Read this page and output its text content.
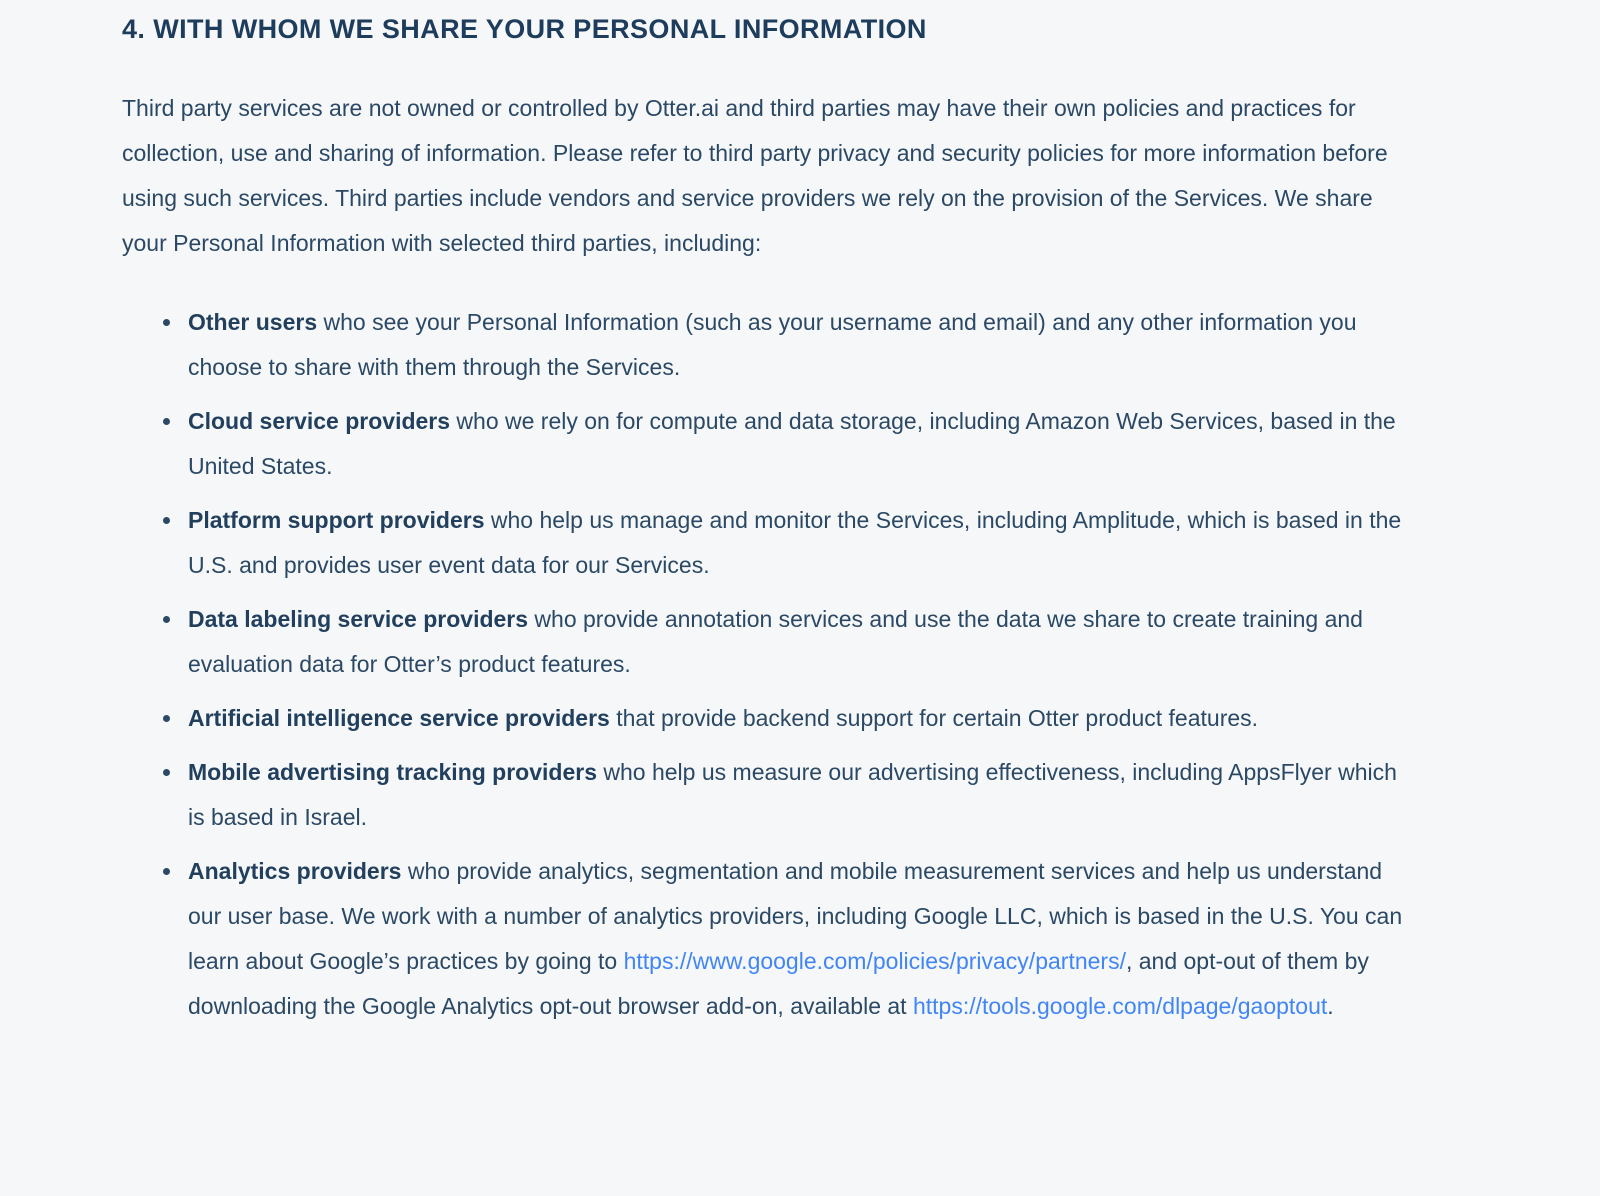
4. WITH WHOM WE SHARE YOUR PERSONAL INFORMATION

Third party services are not owned or controlled by Otter.ai and third parties may have their own policies and practices for collection, use and sharing of information. Please refer to third party privacy and security policies for more information before using such services. Third parties include vendors and service providers we rely on the provision of the Services. We share your Personal Information with selected third parties, including:

Other users who see your Personal Information (such as your username and email) and any other information you choose to share with them through the Services.
Cloud service providers who we rely on for compute and data storage, including Amazon Web Services, based in the United States.
Platform support providers who help us manage and monitor the Services, including Amplitude, which is based in the U.S. and provides user event data for our Services.
Data labeling service providers who provide annotation services and use the data we share to create training and evaluation data for Otter’s product features.
Artificial intelligence service providers that provide backend support for certain Otter product features.
Mobile advertising tracking providers who help us measure our advertising effectiveness, including AppsFlyer which is based in Israel.
Analytics providers who provide analytics, segmentation and mobile measurement services and help us understand our user base. We work with a number of analytics providers, including Google LLC, which is based in the U.S. You can learn about Google’s practices by going to https://www.google.com/policies/privacy/partners/, and opt-out of them by downloading the Google Analytics opt-out browser add-on, available at https://tools.google.com/dlpage/gaoptout.
